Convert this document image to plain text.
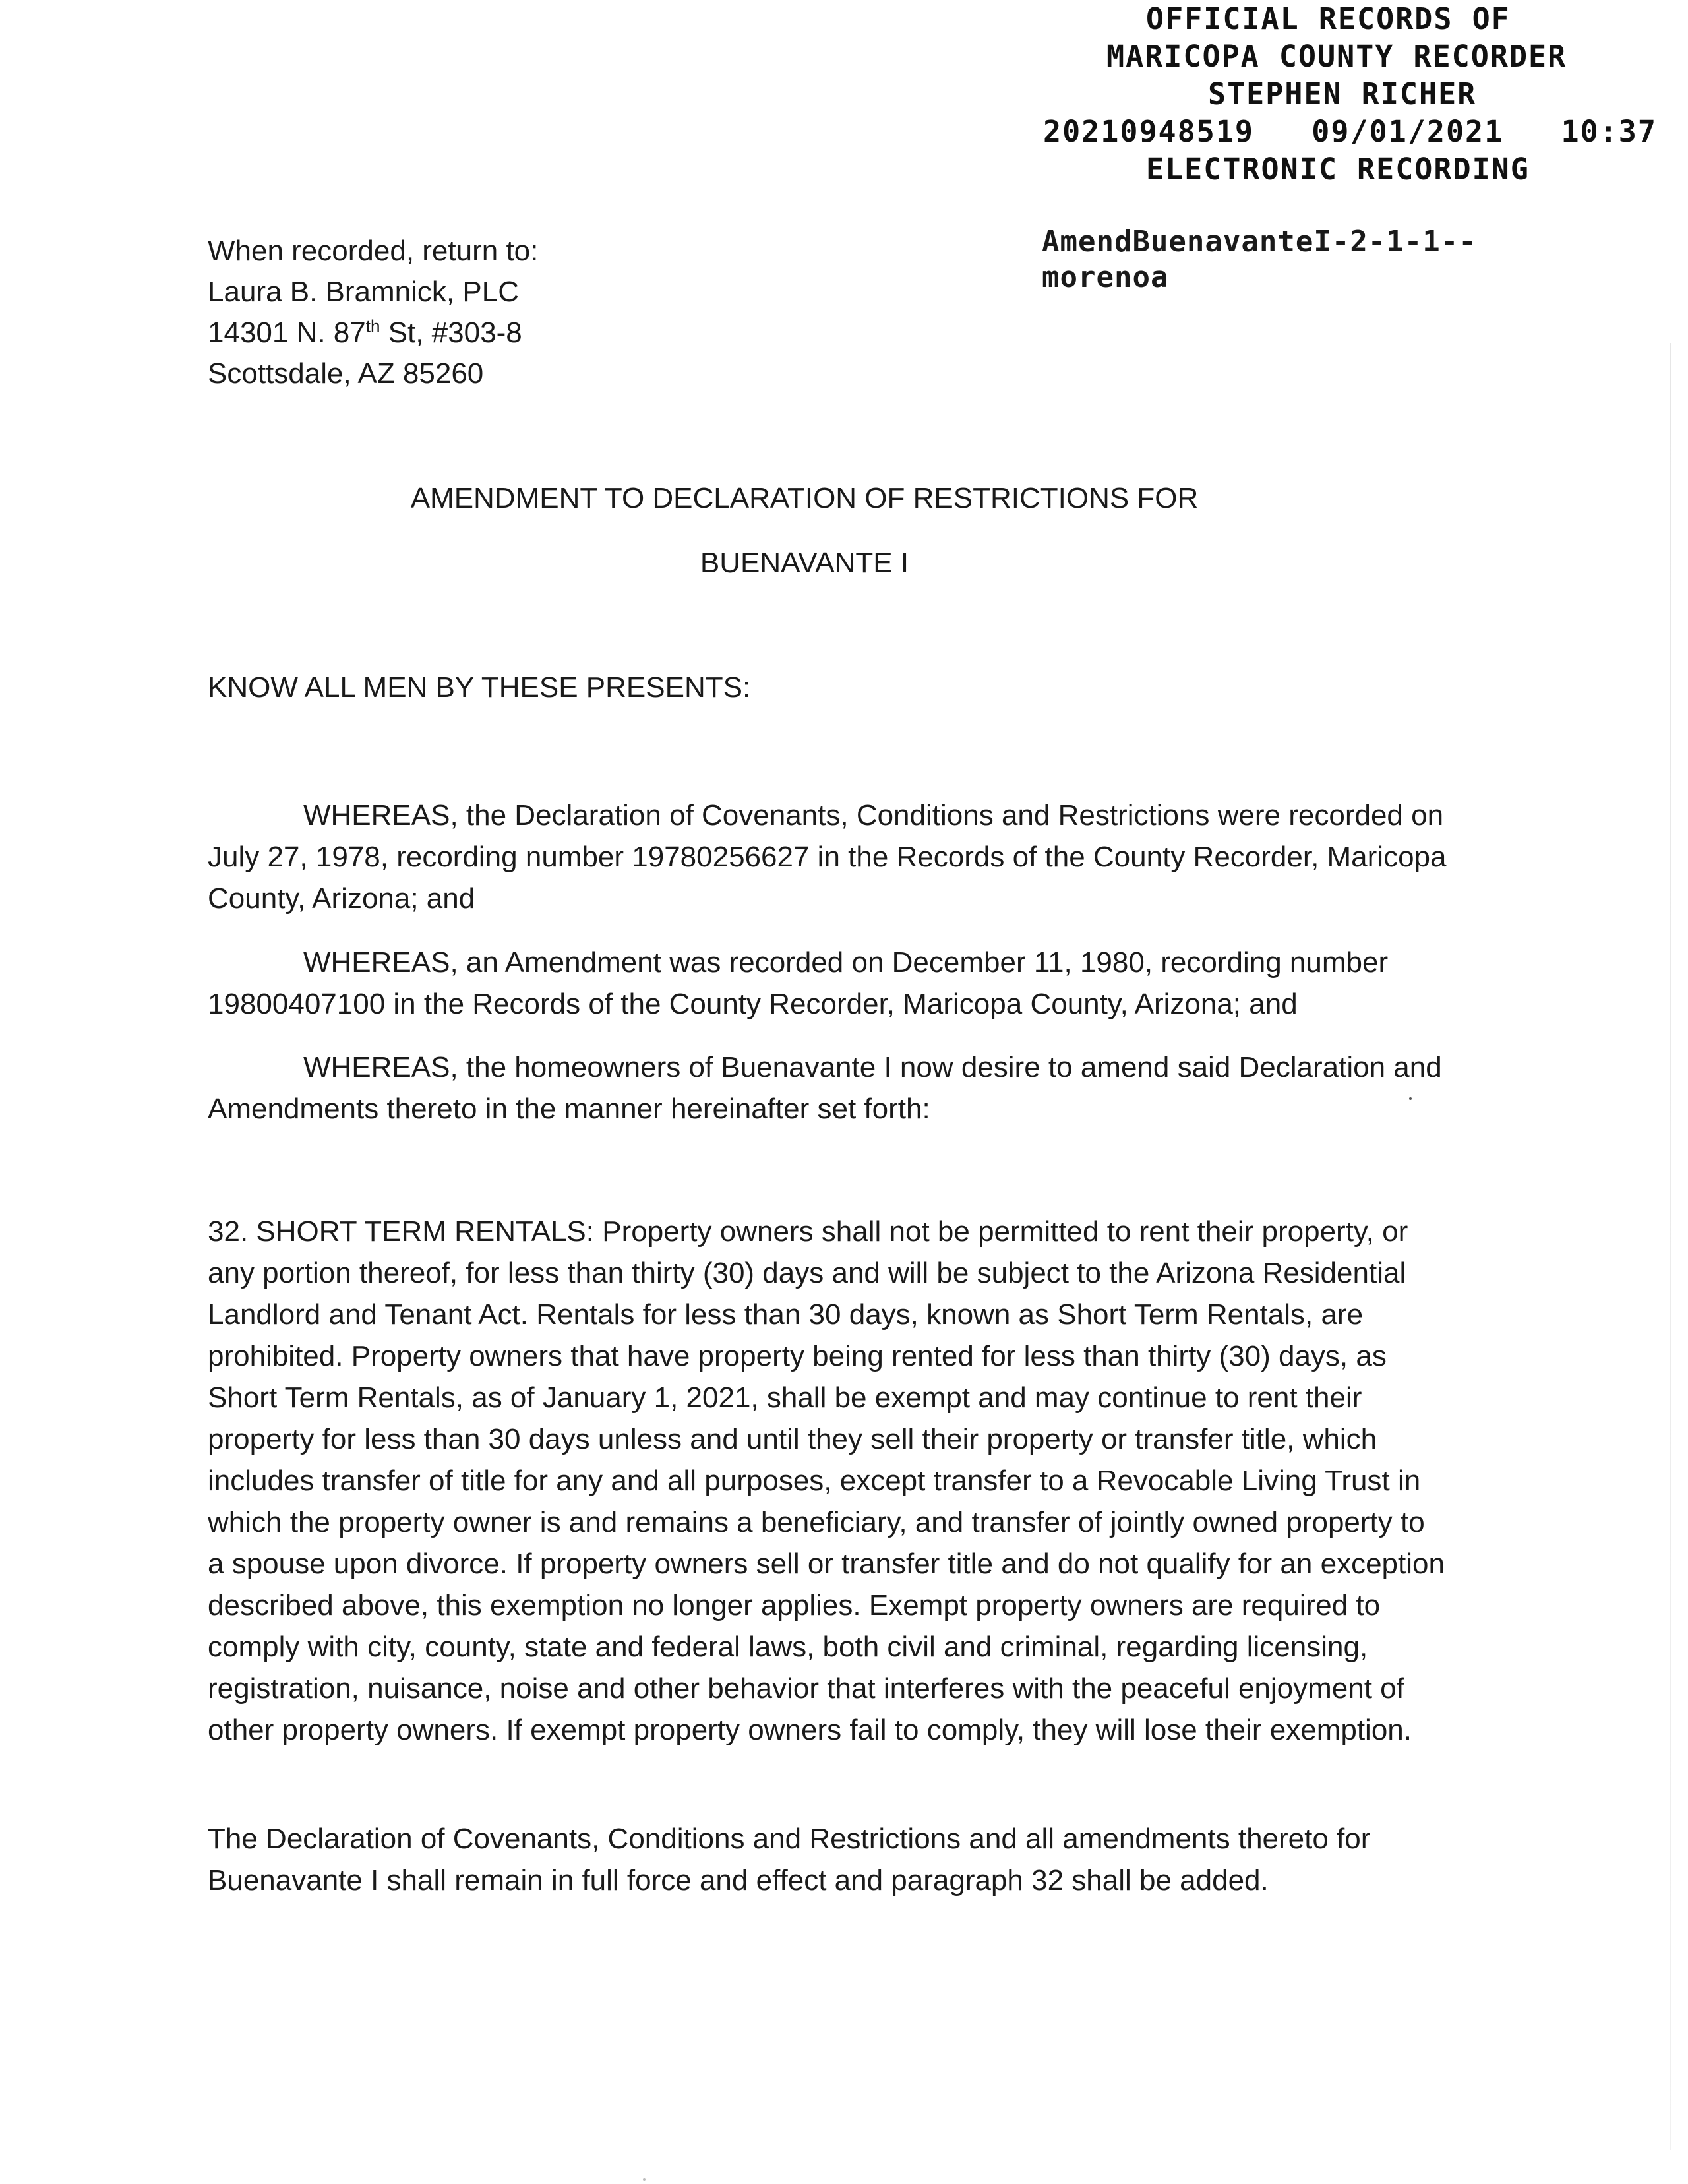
OFFICIAL RECORDS OF
MARICOPA COUNTY RECORDER
STEPHEN RICHER
20210948519   09/01/2021   10:37
ELECTRONIC RECORDING
When recorded, return to:
Laura B. Bramnick, PLC
14301 N. 87th St, #303-8
Scottsdale, AZ 85260
AmendBuenavanteI-2-1-1--
morenoa
AMENDMENT TO DECLARATION OF RESTRICTIONS FOR
BUENAVANTE I
KNOW ALL MEN BY THESE PRESENTS:
WHEREAS, the Declaration of Covenants, Conditions and Restrictions were recorded on July 27, 1978, recording number 19780256627 in the Records of the County Recorder, Maricopa County, Arizona; and
WHEREAS, an Amendment was recorded on December 11, 1980, recording number 19800407100 in the Records of the County Recorder, Maricopa County, Arizona; and
WHEREAS, the homeowners of Buenavante I now desire to amend said Declaration and Amendments thereto in the manner hereinafter set forth:
32. SHORT TERM RENTALS: Property owners shall not be permitted to rent their property, or any portion thereof, for less than thirty (30) days and will be subject to the Arizona Residential Landlord and Tenant Act. Rentals for less than 30 days, known as Short Term Rentals, are prohibited. Property owners that have property being rented for less than thirty (30) days, as Short Term Rentals, as of January 1, 2021, shall be exempt and may continue to rent their property for less than 30 days unless and until they sell their property or transfer title, which includes transfer of title for any and all purposes, except transfer to a Revocable Living Trust in which the property owner is and remains a beneficiary, and transfer of jointly owned property to a spouse upon divorce. If property owners sell or transfer title and do not qualify for an exception described above, this exemption no longer applies. Exempt property owners are required to comply with city, county, state and federal laws, both civil and criminal, regarding licensing, registration, nuisance, noise and other behavior that interferes with the peaceful enjoyment of other property owners. If exempt property owners fail to comply, they will lose their exemption.
The Declaration of Covenants, Conditions and Restrictions and all amendments thereto for Buenavante I shall remain in full force and effect and paragraph 32 shall be added.
